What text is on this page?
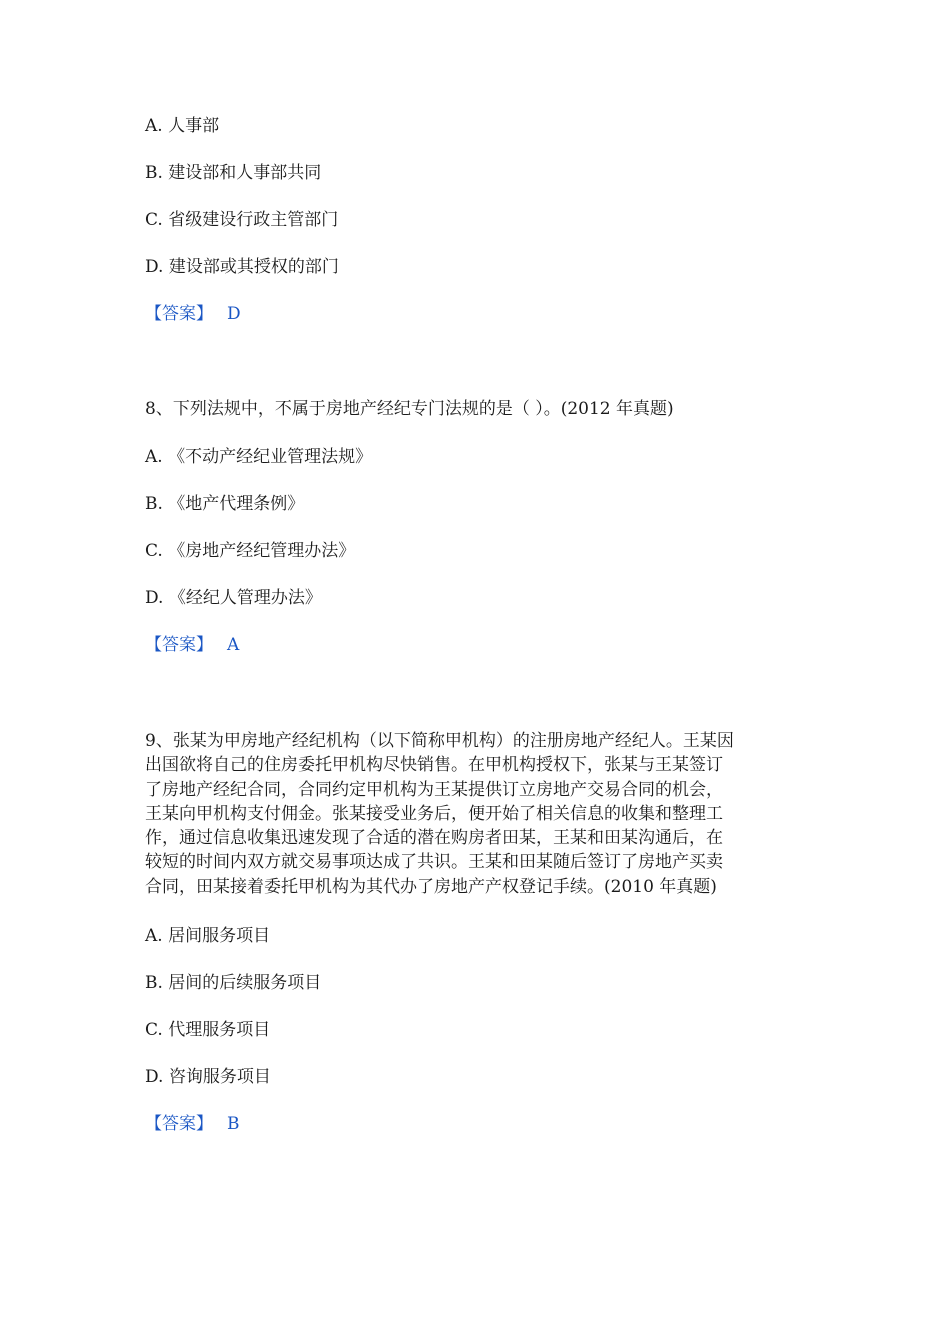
A. 人事部
B. 建设部和人事部共同
C. 省级建设行政主管部门
D. 建设部或其授权的部门
【答案】 D
8、下列法规中，不属于房地产经纪专门法规的是（ ）。(2012 年真题)
A. 《不动产经纪业管理法规》
B. 《地产代理条例》
C. 《房地产经纪管理办法》
D. 《经纪人管理办法》
【答案】 A
9、张某为甲房地产经纪机构（以下简称甲机构）的注册房地产经纪人。王某因
出国欲将自己的住房委托甲机构尽快销售。在甲机构授权下，张某与王某签订
了房地产经纪合同，合同约定甲机构为王某提供订立房地产交易合同的机会，
王某向甲机构支付佣金。张某接受业务后，便开始了相关信息的收集和整理工
作，通过信息收集迅速发现了合适的潜在购房者田某，王某和田某沟通后，在
较短的时间内双方就交易事项达成了共识。王某和田某随后签订了房地产买卖
合同，田某接着委托甲机构为其代办了房地产产权登记手续。(2010 年真题)
A. 居间服务项目
B. 居间的后续服务项目
C. 代理服务项目
D. 咨询服务项目
【答案】 B
